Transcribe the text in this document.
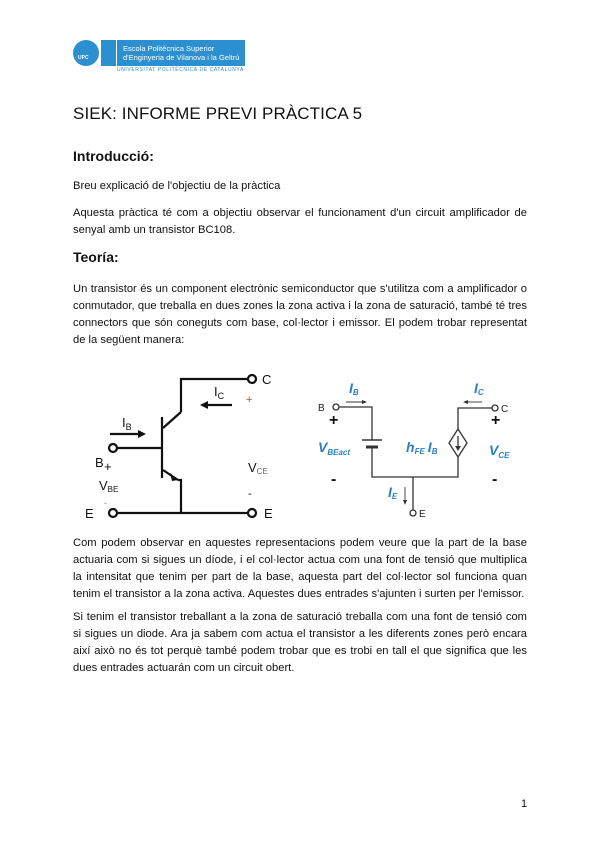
UPC
Escola Politècnica Superior
d'Enginyeria de Vilanova i la Geltrú
UNIVERSITAT POLITÈCNICA DE CATALUNYA
SIEK: INFORME PREVI PRÀCTICA 5
Introducció:
Breu explicació de l'objectiu de la pràctica
Aquesta pràctica té com a objectiu observar el funcionament d'un circuit amplificador de senyal amb un transistor BC108.
Teoría:
Un transistor és un component electrònic semiconductor que s'utilitza com a amplificador o conmutador, que treballa en dues zones la zona activa i la zona de saturació, també té tres connectors que són coneguts com base, col·lector i emissor. El podem trobar representat de la següent manera:
C
E
E
B +
$I_B$
$I_C$ +
-
VBE
-
VCE
B	C
E
+	+
-	-
IB	IC
IE
$V_{BEact}$	hFE IB	$V_{CE}$
Com podem observar en aquestes representacions podem veure que la part de la base actuaria com si sigues un díode, i el col·lector actua com una font de tensió que multiplica la intensitat que tenim per part de la base, aquesta part del col·lector sol funciona quan tenim el transistor a la zona activa. Aquestes dues entrades s'ajunten i surten per l'emissor.
Si tenim el transistor treballant a la zona de saturació treballa com una font de tensió com si sigues un diode. Ara ja sabem com actua el transistor a les diferents zones però encara així això no és tot perquè també podem trobar que es trobi en tall el que significa que les dues entrades actuarán com un circuit obert.
1
